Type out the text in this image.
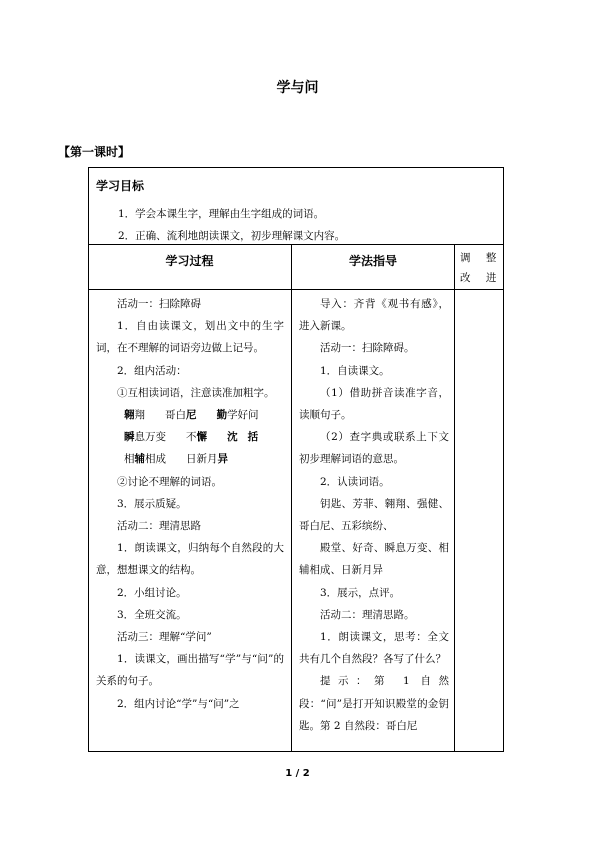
学与问
【第一课时】
学习目标
1．学会本课生字，理解由生字组成的词语。
2．正确、流利地朗读课文，初步理解课文内容。
学习过程	学法指导	调 整
改 进

活动一：扫除障碍

1．自由读课文，划出文中的生字词，在不理解的词语旁边做上记号。

2．组内活动：

①互相读词语，注意读准加粗字。

翱翔      哥白尼 勤学好问

瞬息万变      不懈 沈 括

相辅相成      日新月异

②讨论不理解的词语。

3．展示质疑。

活动二：理清思路

1．朗读课文，归纳每个自然段的大意，想想课文的结构。

2．小组讨论。

3．全班交流。

活动三：理解“学问”

1．读课文，画出描写“学”与“问”的关系的句子。

2．组内讨论“学”与“问”之

导入：齐背《观书有感》，进入新课。

活动一：扫除障碍。

1．自读课文。

（1）借助拼音读准字音，读顺句子。

（2）查字典或联系上下文初步理解词语的意思。

2．认读词语。

钥匙、芳菲、翱翔、强健、哥白尼、五彩缤纷、

殿堂、好奇、瞬息万变、相辅相成、日新月异

3．展示，点评。

活动二：理清思路。

1．朗读课文，思考：全文共有几个自然段？各写了什么？

提示：第 1 自然段：“问”是打开知识殿堂的金钥匙。第 2 自然段：哥白尼

1 / 2
